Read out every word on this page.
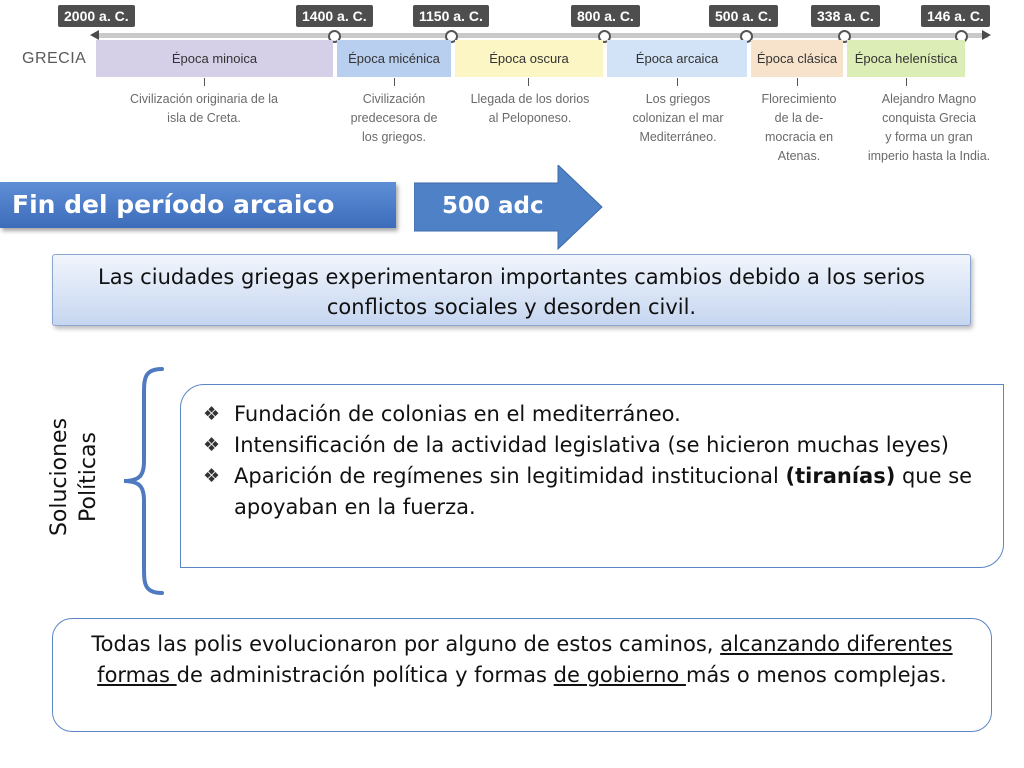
GRECIA
2000 a. C.	1400 a. C.	1150 a. C.	800 a. C.	500 a. C.	338 a. C.	146 a. C.
Época minoica	Época micénica	Época oscura	Época arcaica	Época clásica	Época helenística
Civilización originaria de la
isla de Creta.
Civilización
predecesora de
los griegos.
Llegada de los dorios
al Peloponeso.
Los griegos
colonizan el mar
Mediterráneo.
Florecimiento
de la de-
mocracia en
Atenas.
Alejandro Magno
conquista Grecia
y forma un gran
imperio hasta la India.
Fin del período arcaico	500 adc
Las ciudades griegas experimentaron importantes cambios debido a los serios conflictos sociales y desorden civil.
Soluciones Políticas
❖ Fundación de colonias en el mediterráneo.
❖ Intensificación de la actividad legislativa (se hicieron muchas leyes)
❖ Aparición de regímenes sin legitimidad institucional (tiranías) que se apoyaban en la fuerza.
Todas las polis evolucionaron por alguno de estos caminos, alcanzando diferentes formas de administración política y formas de gobierno más o menos complejas.
